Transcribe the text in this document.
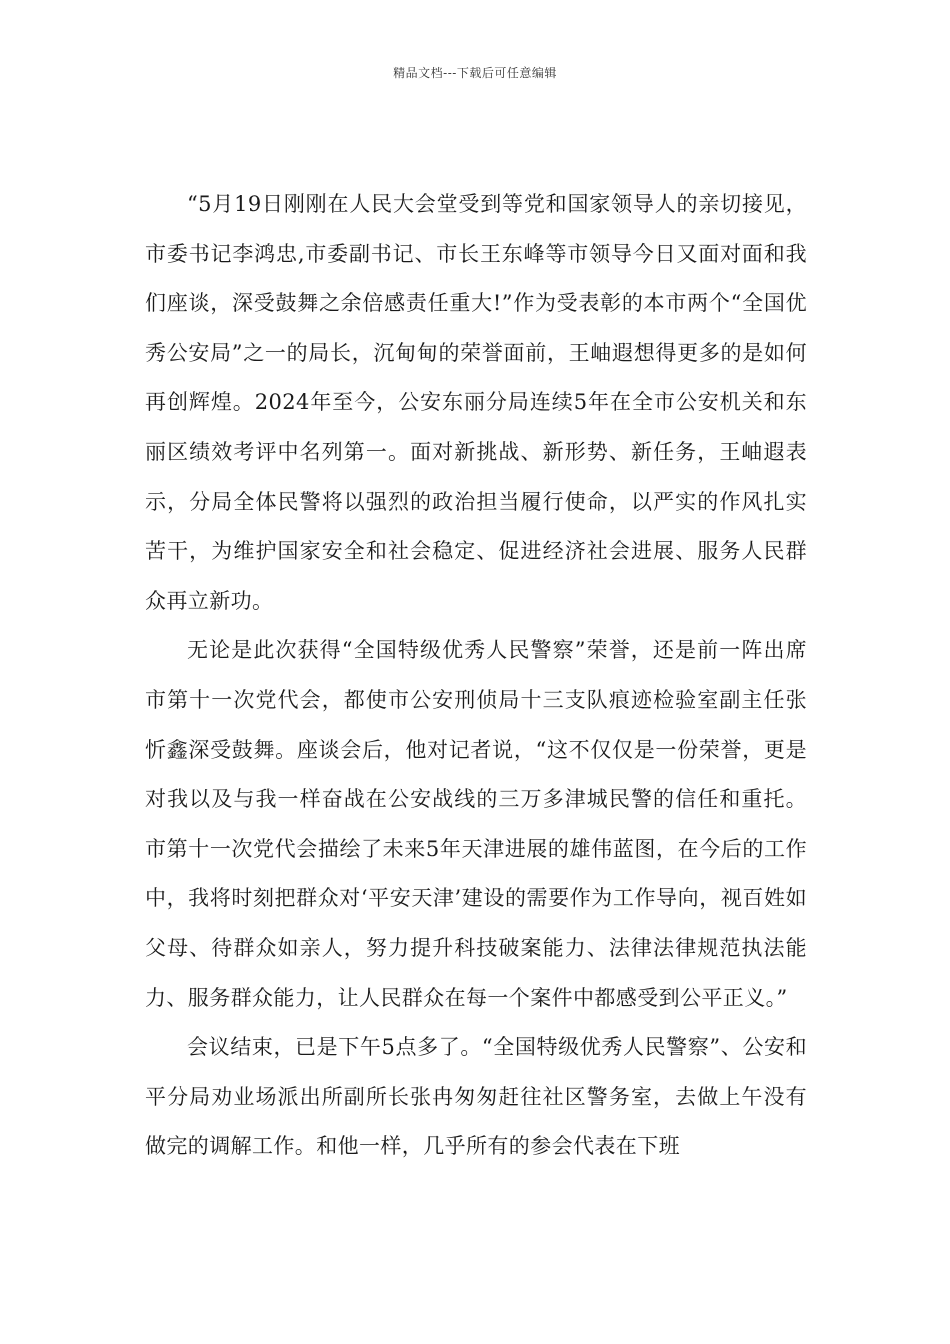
精品文档---下载后可任意编辑

“5月19日刚刚在人民大会堂受到等党和国家领导人的亲切接见，市委书记李鸿忠,市委副书记、市长王东峰等市领导今日又面对面和我们座谈，深受鼓舞之余倍感责任重大!”作为受表彰的本市两个“全国优秀公安局”之一的局长，沉甸甸的荣誉面前，王岫遐想得更多的是如何再创辉煌。2024年至今，公安东丽分局连续5年在全市公安机关和东丽区绩效考评中名列第一。面对新挑战、新形势、新任务，王岫遐表示，分局全体民警将以强烈的政治担当履行使命，以严实的作风扎实苦干，为维护国家安全和社会稳定、促进经济社会进展、服务人民群众再立新功。

无论是此次获得“全国特级优秀人民警察”荣誉，还是前一阵出席市第十一次党代会，都使市公安刑侦局十三支队痕迹检验室副主任张忻鑫深受鼓舞。座谈会后，他对记者说，“这不仅仅是一份荣誉，更是对我以及与我一样奋战在公安战线的三万多津城民警的信任和重托。市第十一次党代会描绘了未来5年天津进展的雄伟蓝图，在今后的工作中，我将时刻把群众对‘平安天津’建设的需要作为工作导向，视百姓如父母、待群众如亲人，努力提升科技破案能力、法律法律规范执法能力、服务群众能力，让人民群众在每一个案件中都感受到公平正义。”

会议结束，已是下午5点多了。“全国特级优秀人民警察”、公安和平分局劝业场派出所副所长张冉匆匆赶往社区警务室，去做上午没有做完的调解工作。和他一样，几乎所有的参会代表在下班
